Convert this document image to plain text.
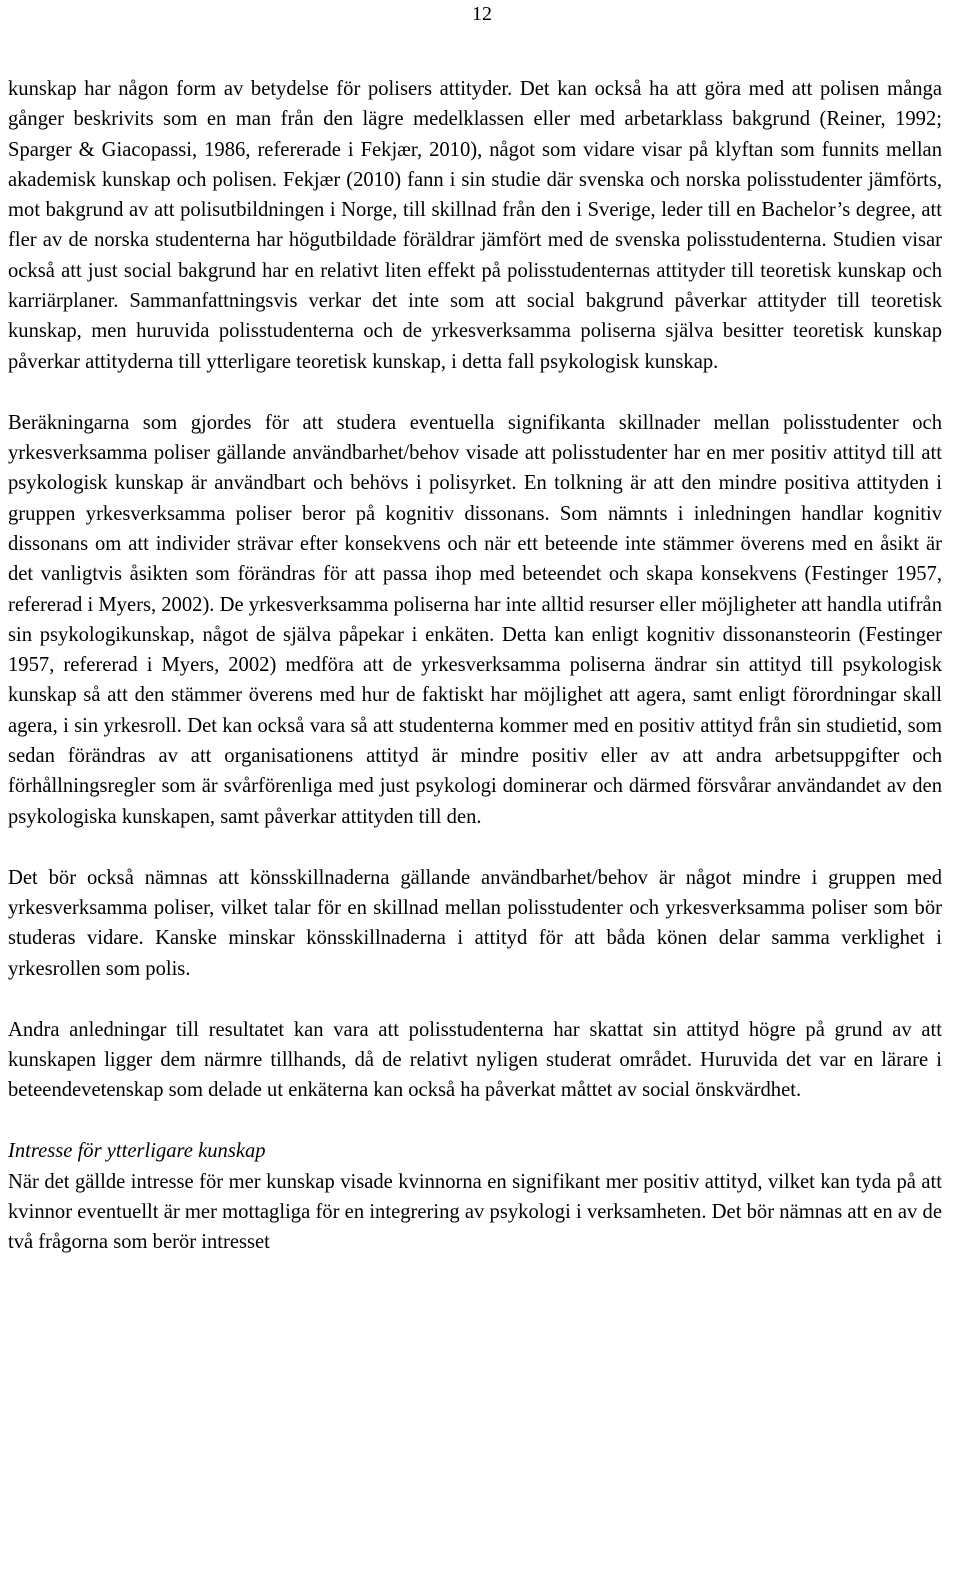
12

kunskap har någon form av betydelse för polisers attityder. Det kan också ha att göra med att polisen många gånger beskrivits som en man från den lägre medelklassen eller med arbetarklass bakgrund (Reiner, 1992; Sparger & Giacopassi, 1986, refererade i Fekjær, 2010), något som vidare visar på klyftan som funnits mellan akademisk kunskap och polisen. Fekjær (2010) fann i sin studie där svenska och norska polisstudenter jämförts, mot bakgrund av att polisutbildningen i Norge, till skillnad från den i Sverige, leder till en Bachelor’s degree, att fler av de norska studenterna har högutbildade föräldrar jämfört med de svenska polisstudenterna. Studien visar också att just social bakgrund har en relativt liten effekt på polisstudenternas attityder till teoretisk kunskap och karriärplaner. Sammanfattningsvis verkar det inte som att social bakgrund påverkar attityder till teoretisk kunskap, men huruvida polisstudenterna och de yrkesverksamma poliserna själva besitter teoretisk kunskap påverkar attityderna till ytterligare teoretisk kunskap, i detta fall psykologisk kunskap.

Beräkningarna som gjordes för att studera eventuella signifikanta skillnader mellan polisstudenter och yrkesverksamma poliser gällande användbarhet/behov visade att polisstudenter har en mer positiv attityd till att psykologisk kunskap är användbart och behövs i polisyrket. En tolkning är att den mindre positiva attityden i gruppen yrkesverksamma poliser beror på kognitiv dissonans. Som nämnts i inledningen handlar kognitiv dissonans om att individer strävar efter konsekvens och när ett beteende inte stämmer överens med en åsikt är det vanligtvis åsikten som förändras för att passa ihop med beteendet och skapa konsekvens (Festinger 1957, refererad i Myers, 2002). De yrkesverksamma poliserna har inte alltid resurser eller möjligheter att handla utifrån sin psykologikunskap, något de själva påpekar i enkäten. Detta kan enligt kognitiv dissonansteorin (Festinger 1957, refererad i Myers, 2002) medföra att de yrkesverksamma poliserna ändrar sin attityd till psykologisk kunskap så att den stämmer överens med hur de faktiskt har möjlighet att agera, samt enligt förordningar skall agera, i sin yrkesroll. Det kan också vara så att studenterna kommer med en positiv attityd från sin studietid, som sedan förändras av att organisationens attityd är mindre positiv eller av att andra arbetsuppgifter och förhållningsregler som är svårförenliga med just psykologi dominerar och därmed försvårar användandet av den psykologiska kunskapen, samt påverkar attityden till den.

Det bör också nämnas att könsskillnaderna gällande användbarhet/behov är något mindre i gruppen med yrkesverksamma poliser, vilket talar för en skillnad mellan polisstudenter och yrkesverksamma poliser som bör studeras vidare. Kanske minskar könsskillnaderna i attityd för att båda könen delar samma verklighet i yrkesrollen som polis.

Andra anledningar till resultatet kan vara att polisstudenterna har skattat sin attityd högre på grund av att kunskapen ligger dem närmre tillhands, då de relativt nyligen studerat området. Huruvida det var en lärare i beteendevetenskap som delade ut enkäterna kan också ha påverkat måttet av social önskvärdhet.

Intresse för ytterligare kunskap

När det gällde intresse för mer kunskap visade kvinnorna en signifikant mer positiv attityd, vilket kan tyda på att kvinnor eventuellt är mer mottagliga för en integrering av psykologi i verksamheten. Det bör nämnas att en av de två frågorna som berör intresset
